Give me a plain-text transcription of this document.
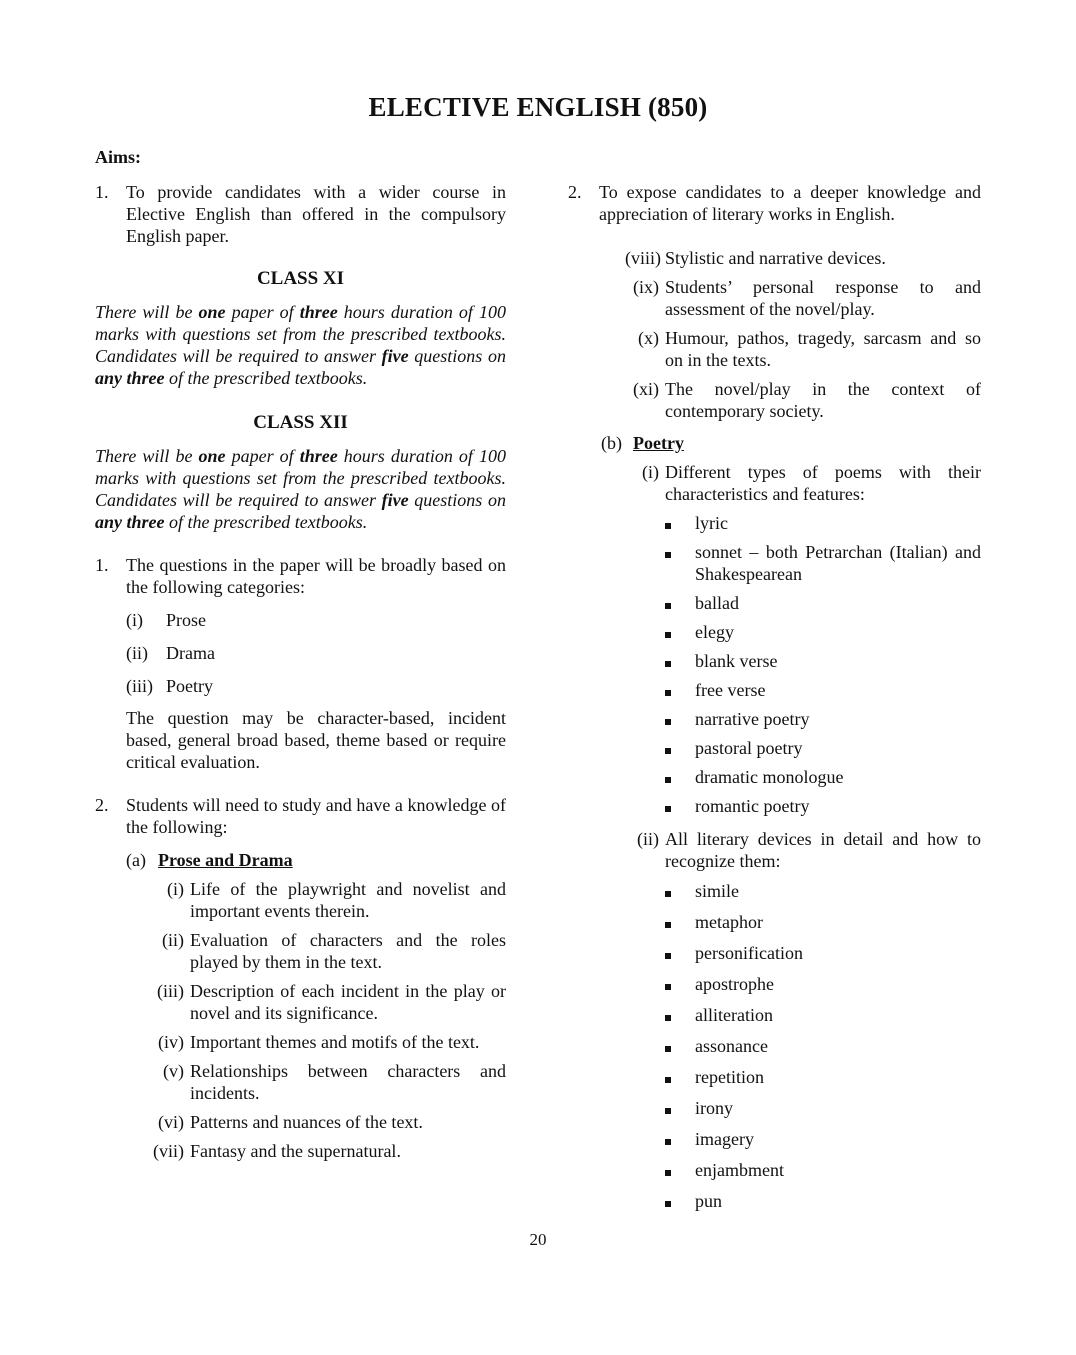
ELECTIVE ENGLISH (850)
Aims:
1. To provide candidates with a wider course in Elective English than offered in the compulsory English paper.
CLASS XI
There will be one paper of three hours duration of 100 marks with questions set from the prescribed textbooks. Candidates will be required to answer five questions on any three of the prescribed textbooks.
CLASS XII
There will be one paper of three hours duration of 100 marks with questions set from the prescribed textbooks. Candidates will be required to answer five questions on any three of the prescribed textbooks.
1. The questions in the paper will be broadly based on the following categories:
(i)	Prose
(ii)	Drama
(iii) Poetry
The question may be character-based, incident based, general broad based, theme based or require critical evaluation.
2. Students will need to study and have a knowledge of the following:
(a) Prose and Drama
(i) Life of the playwright and novelist and important events therein.
(ii) Evaluation of characters and the roles played by them in the text.
(iii) Description of each incident in the play or novel and its significance.
(iv) Important themes and motifs of the text.
(v) Relationships between characters and incidents.
(vi) Patterns and nuances of the text.
(vii) Fantasy and the supernatural.
2. To expose candidates to a deeper knowledge and appreciation of literary works in English.
(viii) Stylistic and narrative devices.
(ix) Students’ personal response to and assessment of the novel/play.
(x) Humour, pathos, tragedy, sarcasm and so on in the texts.
(xi) The novel/play in the context of contemporary society.
(b) Poetry
(i) Different types of poems with their characteristics and features:
lyric
sonnet – both Petrarchan (Italian) and Shakespearean
ballad
elegy
blank verse
free verse
narrative poetry
pastoral poetry
dramatic monologue
romantic poetry
(ii) All literary devices in detail and how to recognize them:
simile
metaphor
personification
apostrophe
alliteration
assonance
repetition
irony
imagery
enjambment
pun
20
